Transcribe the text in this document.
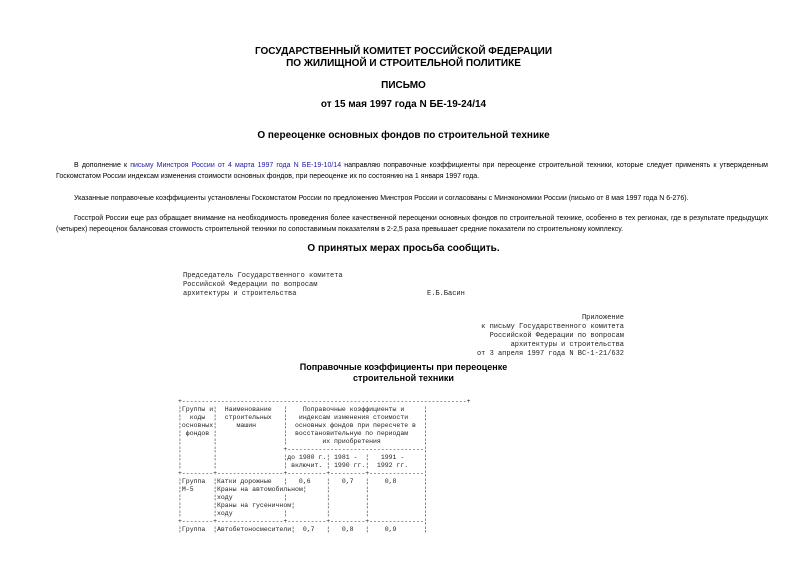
ГОСУДАРСТВЕННЫЙ КОМИТЕТ РОССИЙСКОЙ ФЕДЕРАЦИИ
ПО ЖИЛИЩНОЙ И СТРОИТЕЛЬНОЙ ПОЛИТИКЕ
ПИСЬМО
от 15 мая 1997 года N БЕ-19-24/14
О переоценке основных фондов по строительной технике
В дополнение к письму Минстроя России от 4 марта 1997 года N БЕ-19-10/14 направляю поправочные коэффициенты при переоценке строительной техники, которые следует применять к утвержденным Госкомстатом России индексам изменения стоимости основных фондов, при переоценке их по состоянию на 1 января 1997 года.
Указанные поправочные коэффициенты установлены Госкомстатом России по предложению Минстроя России и согласованы с Минэкономики России (письмо от 8 мая 1997 года N 6-276).
Госстрой России еще раз обращает внимание на необходимость проведения более качественной переоценки основных фондов по строительной технике, особенно в тех регионах, где в результате предыдущих (четырех) переоценок балансовая стоимость строительной техники по сопоставимым показателям в 2-2,5 раза превышает средние показатели по строительному комплексу.
О принятых мерах просьба сообщить.
Председатель Государственного комитета
Российской Федерации по вопросам
архитектуры и строительства	Е.Б.Басин
Приложение
к письму Государственного комитета
Российской Федерации по вопросам
архитектуры и строительства
от 3 апреля 1997 года N ВС-1-21/632
Поправочные коэффициенты при переоценке
строительной техники
+-------------------------------------------------------------------------+
¦Группы и¦  Наименование   ¦    Поправочные коэффициенты и     ¦
¦  коды  ¦  строительных   ¦   индексам изменения стоимости    ¦
¦основных¦     машин       ¦  основных фондов при пересчете в  ¦
¦ фондов ¦                 ¦  восстановительную по периодам    ¦
¦        ¦                 ¦         их приобретения           ¦
¦        ¦                 +-----------------------------------¦
¦        ¦                 ¦до 1980 г.¦ 1981 -  ¦   1991 -     ¦
¦        ¦                 ¦ включит. ¦ 1990 гг.¦  1992 гг.    ¦
+--------+-----------------+----------+---------+--------------¦
¦Группа  ¦Катки дорожные   ¦   0,6    ¦   0,7   ¦    0,8       ¦
¦М-5     ¦Краны на автомобильном¦     ¦         ¦              ¦
¦        ¦ходу             ¦          ¦         ¦              ¦
¦        ¦Краны на гусеничном¦        ¦         ¦              ¦
¦        ¦ходу             ¦          ¦         ¦              ¦
+--------+-----------------+----------+---------+--------------¦
¦Группа  ¦Автобетоносмесители¦  0,7   ¦   0,8   ¦    0,9       ¦
